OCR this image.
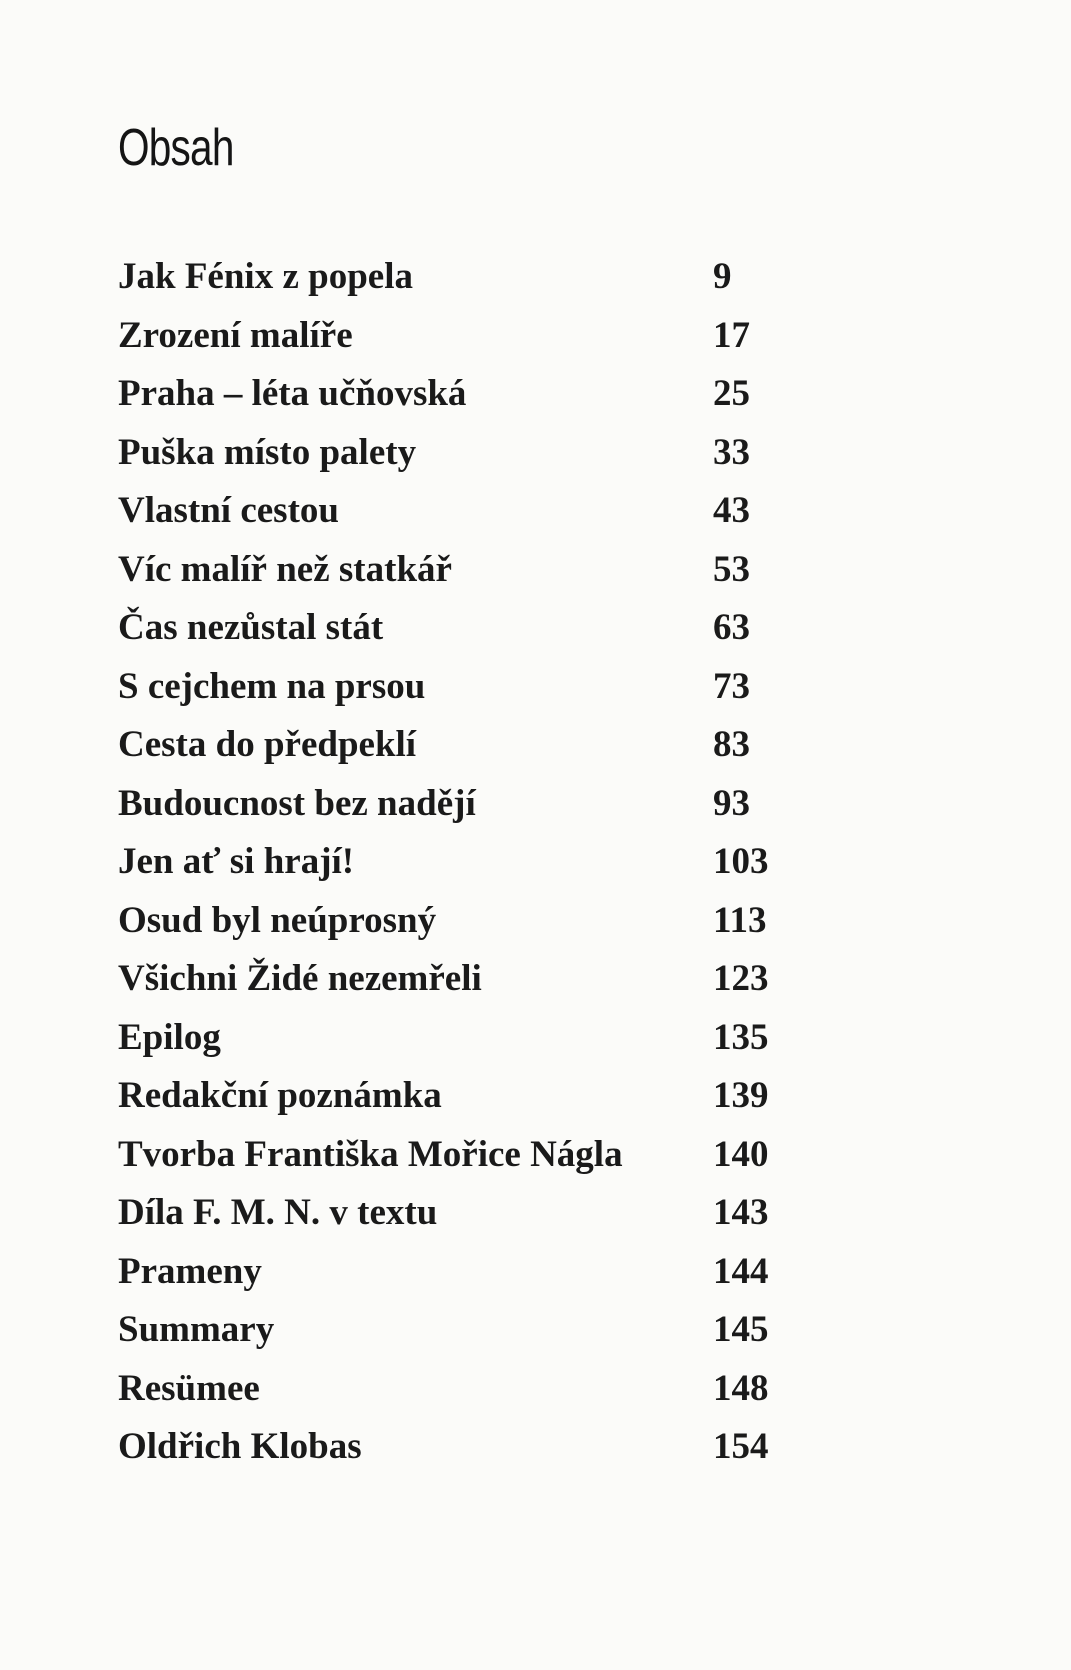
Obsah
Jak Fénix z popela	9
Zrození malíře	17
Praha – léta učňovská	25
Puška místo palety	33
Vlastní cestou	43
Víc malíř než statkář	53
Čas nezůstal stát	63
S cejchem na prsou	73
Cesta do předpeklí	83
Budoucnost bez nadějí	93
Jen ať si hrají!	103
Osud byl neúprosný	113
Všichni Židé nezemřeli	123
Epilog	135
Redakční poznámka	139
Tvorba Františka Mořice Nágla 140
Díla F. M. N. v textu	143
Prameny	144
Summary	145
Resümee	148
Oldřich Klobas	154
